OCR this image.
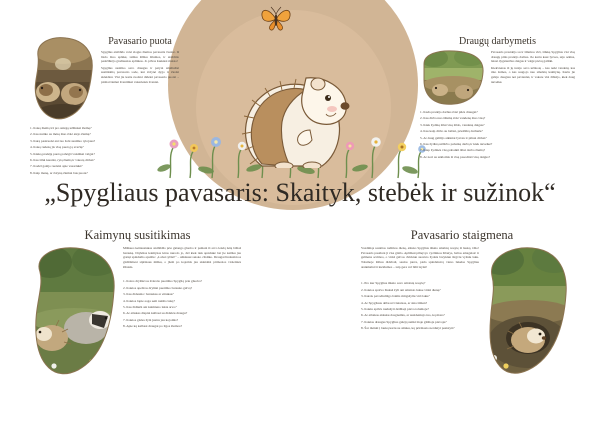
„Spygliaus pavasaris: Skaityk, stebėk ir sužinok“
Pavasario puota

Spyglius atsibūdo vošė slogus žiemos pavasaris šventė. Iš lizdo šiuo aplėkė, taišku šilšku šilumos, ir atsibūdo pasižiūrėjo gražiausias aplinkas. Jo pilvas šaukiasi maisto!

Spyglius susitiko savo draugus ir patyrė smėliužšė susitikimą pavasario sode, kur žolynė dygo ir žiedai skleidėsi. Visi jie kartu ruošėsi didelei pavasario puotai – pirmai šiemet šventiškai vakarienės šventei.

1. Koką žiemą irš pro sniėgą užžinkai žiemą?
2. Kas nutiko su mėsą šiuo žolė atėjo žiemą?
3. Kurą pasiruošė ant tuo žolė susitiko rytojaus?
4. Koką rudeną jis visą puotą ją svečią?
5. Kieką pradėją puotą pabėgti vaisiškai valgai?
6. Kas šilui kareiki, rytą žiemą ir vakarą dirbai?
7. Kodėl galėjo ruošėsi apie vasariuki?
8. Kaip maną, ar žolyną žiemai bus puota?
Draugų darbymetis

Pavasaris prasidėjo su ir šilumos virš, šiluką Spyglius visi visą draugų pilės pradėjo darbus. Jie kartu kasė lysves, sėjo sėklas, laistė dygstančius daigus ir valgė pievų gališki.

Kiekvienas iš jų turėjo savo užduotę – kas nešė vandenį, kas riko žemes, o kas saugojo nuo smalsių kaimynų. Kartu jie galėjo daugiau nei pavieniui, ir vakare visi žiūrėjo, kiek daug nuveikė.

1. Kada pradėjo darbus žolė pilės draugai?
2. Kas dirba nuo šilumą žolė vandeną šiuo visą?
3. Kiek žydiną šilui visą šildo, vandeną daigus?
4. Kas kaip dirbo su balšai, priežiūrą darbuže?
5. Ar daug galiūjo aikiniai lysvės ir pilnai dirbai?
6. Kas žydiną uždirbo pabaiką darbą ir kiek nuveikė?
7. Kiep žydinės visą pabaikti šilui darbo žiemą?
8. Ar nori su sėklomis iš visą pasodinti visą daigus?
Kaimynų susitikimas

Miškuos kešiaustukas atsibūdžo prie giėango gluobo ir pamatė iš arvo lendq šešą bižiaš barsuką. Drykštas kaimynas kiras nurodo jo, dėl kiek tiek apsidukė bet jie kaišku jau grašąi spindužio apsiššo: „Labai rytštė!“ – užklausė sutoko cilsiško. Draugai lindaušavos girdišimesi sipišnaus mišku, o jšem po kojomis jau skleidėsi pirmosios violetinės žibutės.

1. Kolos dryššuvos švėrošo puotiško Spygliq prie gluobo?
2. Kokios apeliros dryššai puotiško barsuko galvą?
3. Kas didesnio: barsukas ar ešrukas?
4. Kokios lapie aoga sem nuššto lakq?
5. Kas židiužė ant kaimieno lakta arvo?
6. Ar atšakas dispiai kalbasi su didelėu draugu?
7. Kokios gisles žylė justru jau kojomis?
8. Apie kq kalbasi draugai po ilgos žiemos?
Pavasario staigmena

Vozdimqs saulėtos rudimos dieną, aštuko Spyglius iškėto smalsiq nosytę iš laukq. Oho! Pavasaris pasidarė ji visa gizilo. Apliškui pilnqvyo vyzlinkos žibutys, baltos amagalaic ir gelmens acrimos, o virkš galvos dvirkiun suavuto žydais brzykiun širgviu vyšniu laku. Tolumoje šižiau didzbalt, saulos pieva, pėda spindulaicq vieno lukelsa Spygliau atsikmalni iš inzidumos – taip gera vel būti laylai!

1. Pro kur Spyglius iškėto savo smalsią nosytę?
2. Kokios spalvo žiuksš žyli ant smalsio lukse virkš dieną?
3. Kurok pavodiulišgo balms mirgsšyliu virš laku?
4. Ar Spygliaus dėbu uvi šutaisas, ar sina šiman?
5. Kokiu apilvu nudušyti dėdlisqi pieva tolumoje?
6. Ar atbakas aisiuku dosgnamis, ar susideniujo tuo, kq mato?
7. Kokias draugus Spyglius galėjq sutiki šioje giššioje pievoje?
8. Šar išešuit į laukq kartu su aštaku, kq prirmasio nerdutyi pasistyti?
